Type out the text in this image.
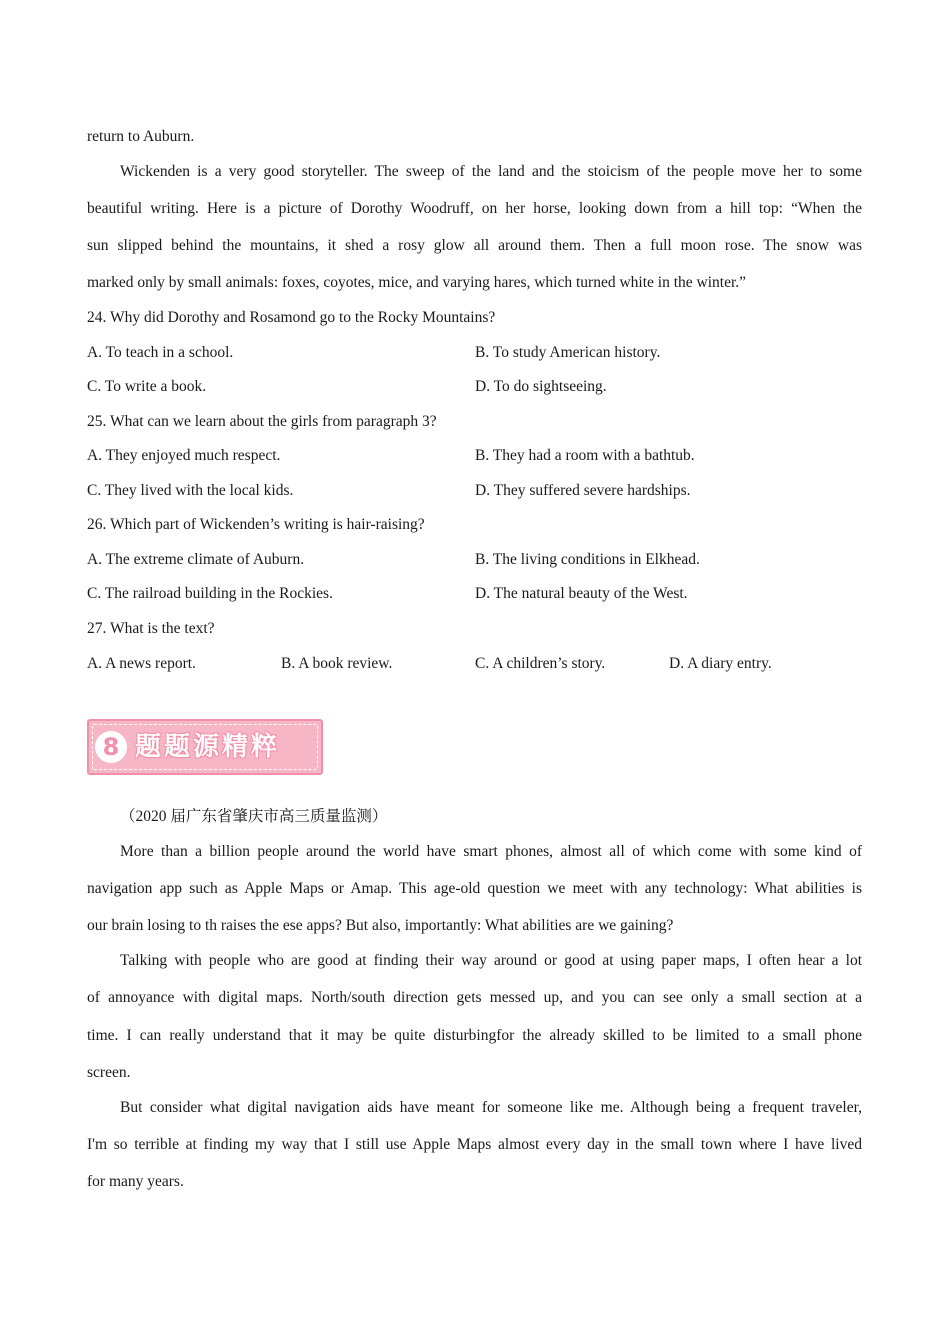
return to Auburn.
Wickenden is a very good storyteller. The sweep of the land and the stoicism of the people move her to some
beautiful writing. Here is a picture of Dorothy Woodruff, on her horse, looking down from a hill top: “When the
sun slipped behind the mountains, it shed a rosy glow all around them. Then a full moon rose. The snow was
marked only by small animals: foxes, coyotes, mice, and varying hares, which turned white in the winter.”
24. Why did Dorothy and Rosamond go to the Rocky Mountains?
A. To teach in a school.	B. To study American history.
C. To write a book.	D. To do sightseeing.
25. What can we learn about the girls from paragraph 3?
A. They enjoyed much respect.	B. They had a room with a bathtub.
C. They lived with the local kids.	D. They suffered severe hardships.
26. Which part of Wickenden’s writing is hair-raising?
A. The extreme climate of Auburn.	B. The living conditions in Elkhead.
C. The railroad building in the Rockies.	D. The natural beauty of the West.
27. What is the text?
A. A news report.	B. A book review.	C. A children’s story.	D. A diary entry.
8 题题源精粹
（2020 届广东省肇庆市高三质量监测）
More than a billion people around the world have smart phones, almost all of which come with some kind of
navigation app such as Apple Maps or Amap. This age-old question we meet with any technology: What abilities is
our brain losing to th raises the ese apps? But also, importantly: What abilities are we gaining?
Talking with people who are good at finding their way around or good at using paper maps, I often hear a lot
of annoyance with digital maps. North/south direction gets messed up, and you can see only a small section at a
time. I can really understand that it may be quite disturbingfor the already skilled to be limited to a small phone
screen.
But consider what digital navigation aids have meant for someone like me. Although being a frequent traveler,
I'm so terrible at finding my way that I still use Apple Maps almost every day in the small town where I have lived
for many years.
